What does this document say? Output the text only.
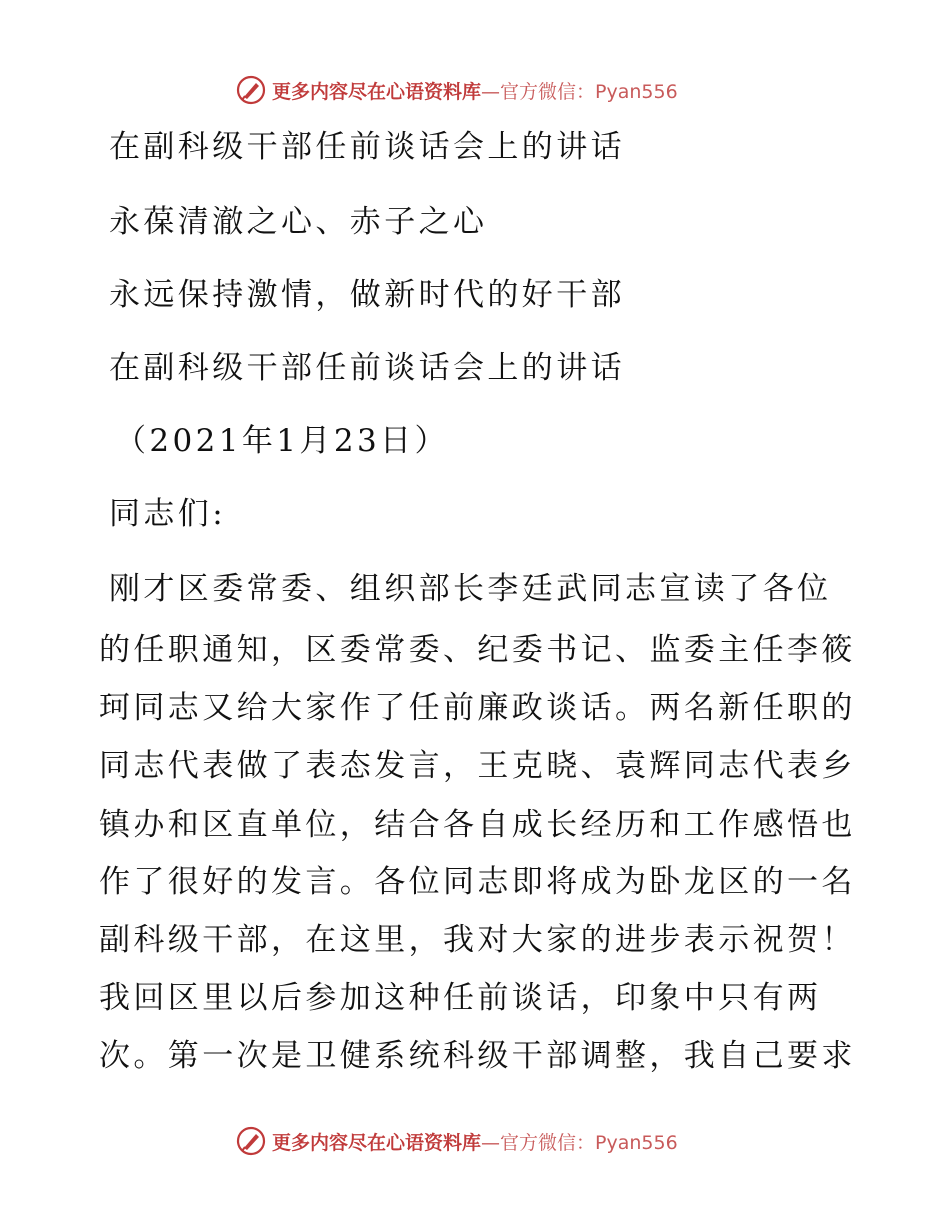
更多内容尽在心语资料库 —官方微信：Pyan556
在副科级干部任前谈话会上的讲话
永葆清澈之心、赤子之心
永远保持激情，做新时代的好干部
在副科级干部任前谈话会上的讲话
（2021年1月23日）
同志们:
刚才区委常委、组织部长李廷武同志宣读了各位
的任职通知，区委常委、纪委书记、监委主任李筱
珂同志又给大家作了任前廉政谈话。两名新任职的
同志代表做了表态发言，王克晓、袁辉同志代表乡
镇办和区直单位，结合各自成长经历和工作感悟也
作了很好的发言。各位同志即将成为卧龙区的一名
副科级干部，在这里，我对大家的进步表示祝贺！
我回区里以后参加这种任前谈话，印象中只有两
次。第一次是卫健系统科级干部调整，我自己要求
更多内容尽在心语资料库 —官方微信：Pyan556
